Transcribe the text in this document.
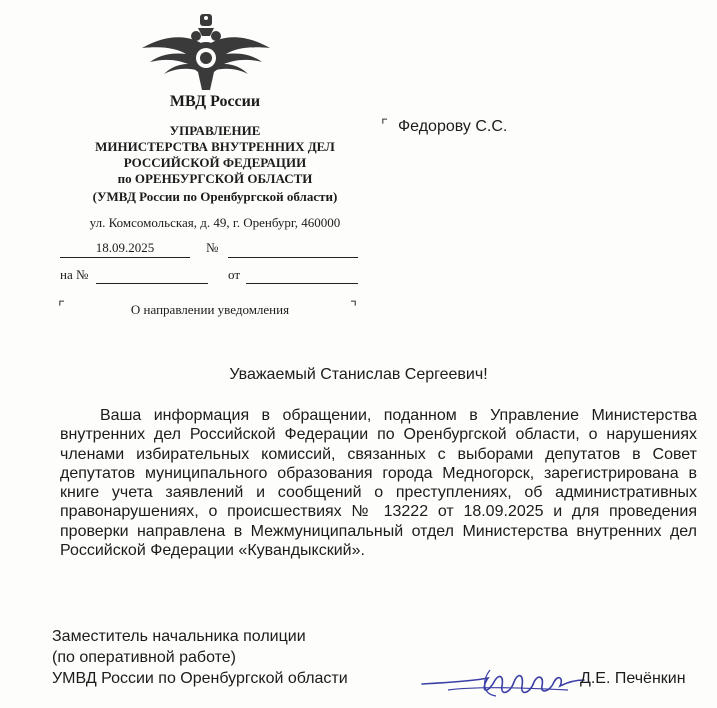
МВД России
УПРАВЛЕНИЕ
МИНИСТЕРСТВА ВНУТРЕННИХ ДЕЛ
РОССИЙСКОЙ ФЕДЕРАЦИИ
по ОРЕНБУРГСКОЙ ОБЛАСТИ
(УМВД России по Оренбургской области)
ул. Комсомольская, д. 49, г. Оренбург, 460000
18.09.2025	№
на №	от
⌜	О направлении уведомления	⌝
⌜ Федорову С.С.
Уважаемый Станислав Сергеевич!
Ваша информация в обращении, поданном в Управление Министерства внутренних дел Российской Федерации по Оренбургской области, о нарушениях членами избирательных комиссий, связанных с выборами депутатов в Совет депутатов муниципального образования города Медногорск, зарегистрирована в книге учета заявлений и сообщений о преступлениях, об административных правонарушениях, о происшествиях № 13222 от 18.09.2025 и для проведения проверки направлена в Межмуниципальный отдел Министерства внутренних дел Российской Федерации «Кувандыкский».
Заместитель начальника полиции
(по оперативной работе)
УМВД России по Оренбургской области	Д.Е. Печёнкин
